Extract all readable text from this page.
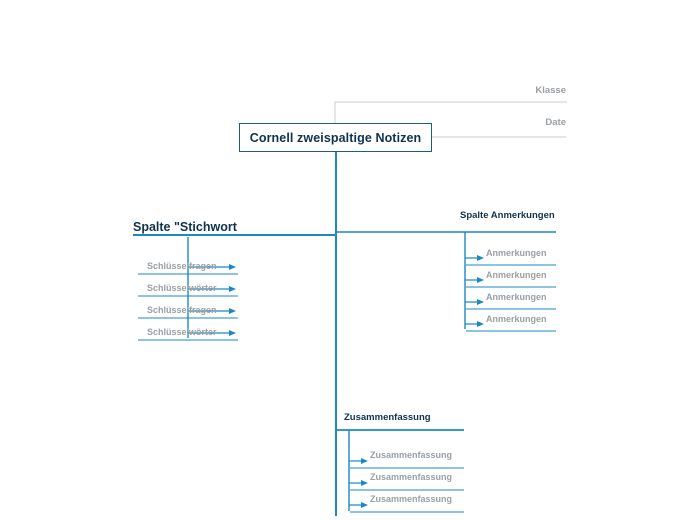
Cornell zweispaltige Notizen
Klasse
Date
Spalte "Stichwort
Schlüsselfragen
Schlüsselwörter
Schlüsselfragen
Schlüsselwörter
Spalte Anmerkungen
Anmerkungen
Anmerkungen
Anmerkungen
Anmerkungen
Zusammenfassung
Zusammenfassung
Zusammenfassung
Zusammenfassung
